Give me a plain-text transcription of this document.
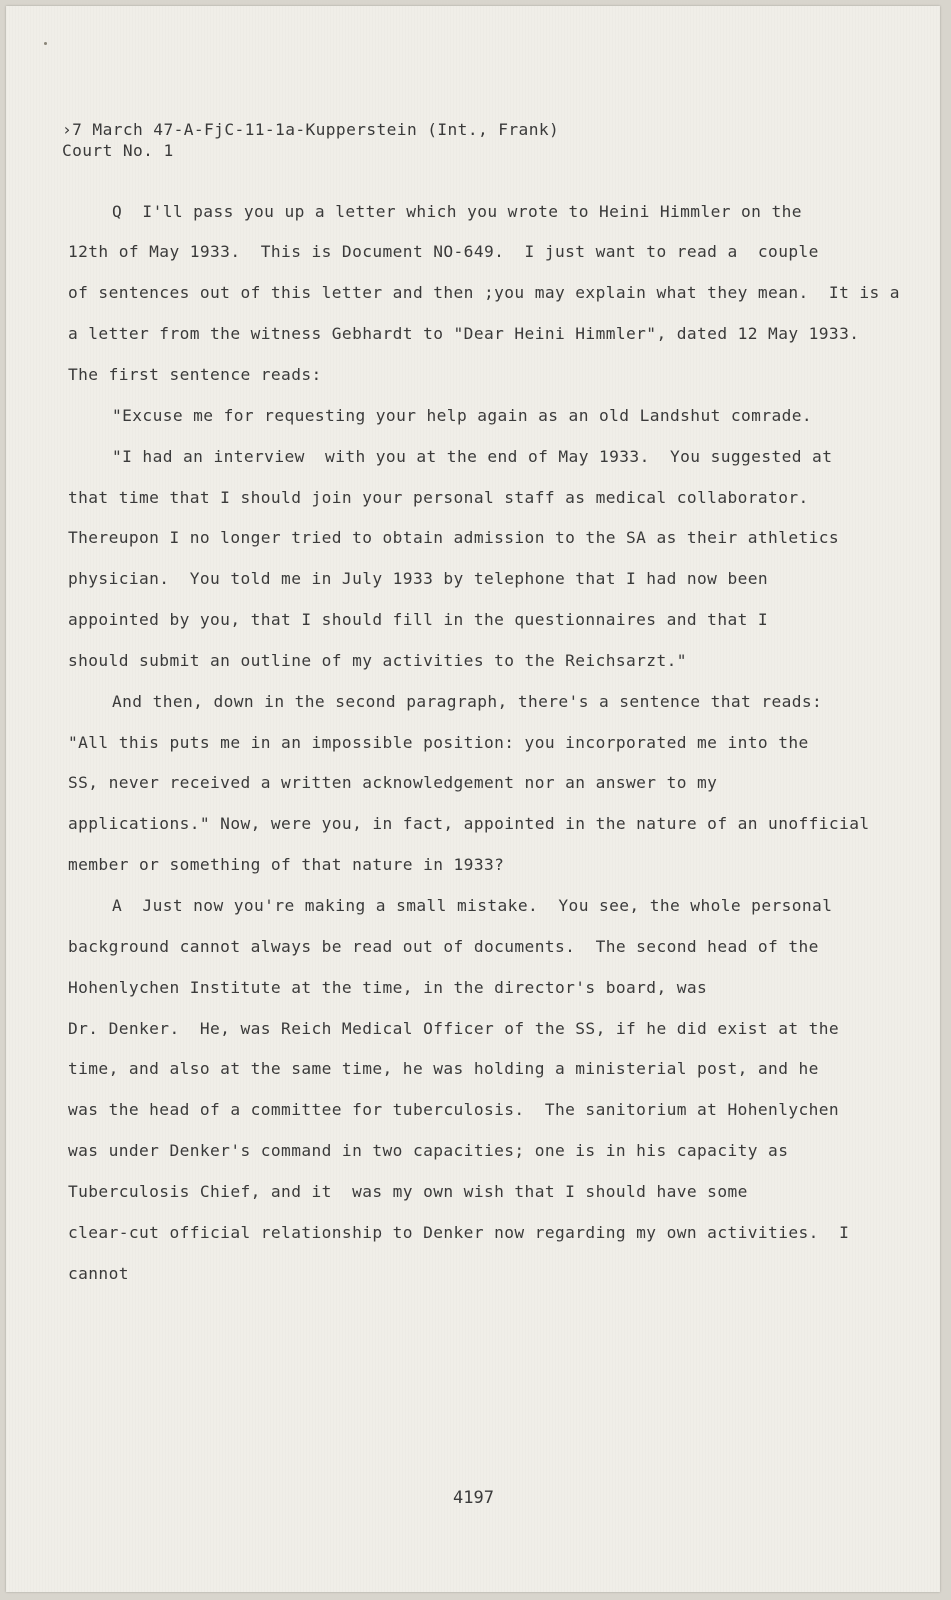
›7 March 47-A-FjC-11-1a-Kupperstein (Int., Frank)
Court No. 1
Q  I'll pass you up a letter which you wrote to Heini Himmler on the
12th of May 1933.  This is Document NO-649.  I just want to read a  couple
of sentences out of this letter and then ;you may explain what they mean.  It is a
a letter from the witness Gebhardt to "Dear Heini Himmler", dated 12 May 1933.
The first sentence reads:
"Excuse me for requesting your help again as an old Landshut comrade.
"I had an interview  with you at the end of May 1933.  You suggested at
that time that I should join your personal staff as medical collaborator.
Thereupon I no longer tried to obtain admission to the SA as their athletics
physician.  You told me in July 1933 by telephone that I had now been
appointed by you, that I should fill in the questionnaires and that I
should submit an outline of my activities to the Reichsarzt."
And then, down in the second paragraph, there's a sentence that reads:
"All this puts me in an impossible position: you incorporated me into the
SS, never received a written acknowledgement nor an answer to my
applications." Now, were you, in fact, appointed in the nature of an unofficial
member or something of that nature in 1933?
A  Just now you're making a small mistake.  You see, the whole personal
background cannot always be read out of documents.  The second head of the
Hohenlychen Institute at the time, in the director's board, was
Dr. Denker.  He, was Reich Medical Officer of the SS, if he did exist at the
time, and also at the same time, he was holding a ministerial post, and he
was the head of a committee for tuberculosis.  The sanitorium at Hohenlychen
was under Denker's command in two capacities; one is in his capacity as
Tuberculosis Chief, and it  was my own wish that I should have some
clear-cut official relationship to Denker now regarding my own activities.  I
cannot
4197
